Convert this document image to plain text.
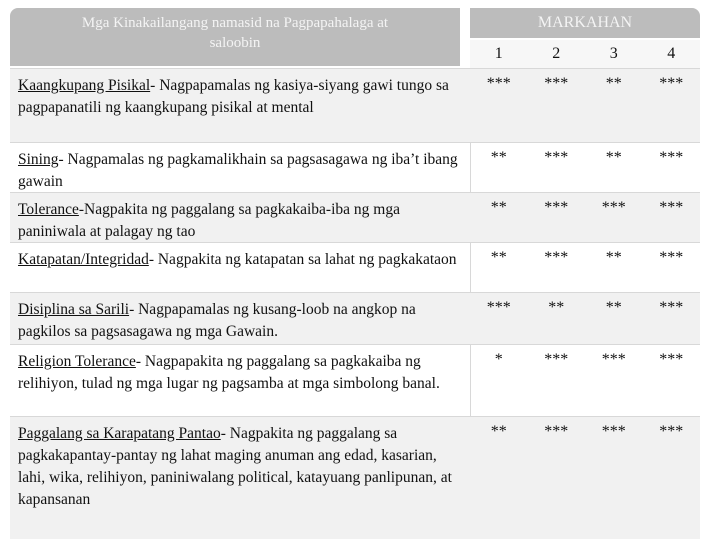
Mga Kinakailangang namasid na Pagpapahalaga at saloobin
MARKAHAN
1	2	3	4
Kaangkupang Pisikal- Nagpapamalas ng kasiya-siyang gawi tungo sa pagpapanatili ng kaangkupang pisikal at mental
***	***	**	***
Sining- Nagpamalas ng pagkamalikhain sa pagsasagawa ng iba’t ibang gawain
**	***	**	***
Tolerance-Nagpakita ng paggalang sa pagkakaiba-iba ng mga paniniwala at palagay ng tao
**	***	***	***
Katapatan/Integridad- Nagpakita ng katapatan sa lahat ng pagkakataon	**	***	**	***
Disiplina sa Sarili- Nagpapamalas ng kusang-loob na angkop na pagkilos sa pagsasagawa ng mga Gawain.
***	**	**	***
Religion Tolerance- Nagpapakita ng paggalang sa pagkakaiba ng relihiyon, tulad ng mga lugar ng pagsamba at mga simbolong banal.
*	***	***	***
Paggalang sa Karapatang Pantao- Nagpakita ng paggalang sa pagkakapantay-pantay ng lahat maging anuman ang edad, kasarian, lahi, wika, relihiyon, paniniwalang political, katayuang panlipunan, at kapansanan
**	***	***	***
